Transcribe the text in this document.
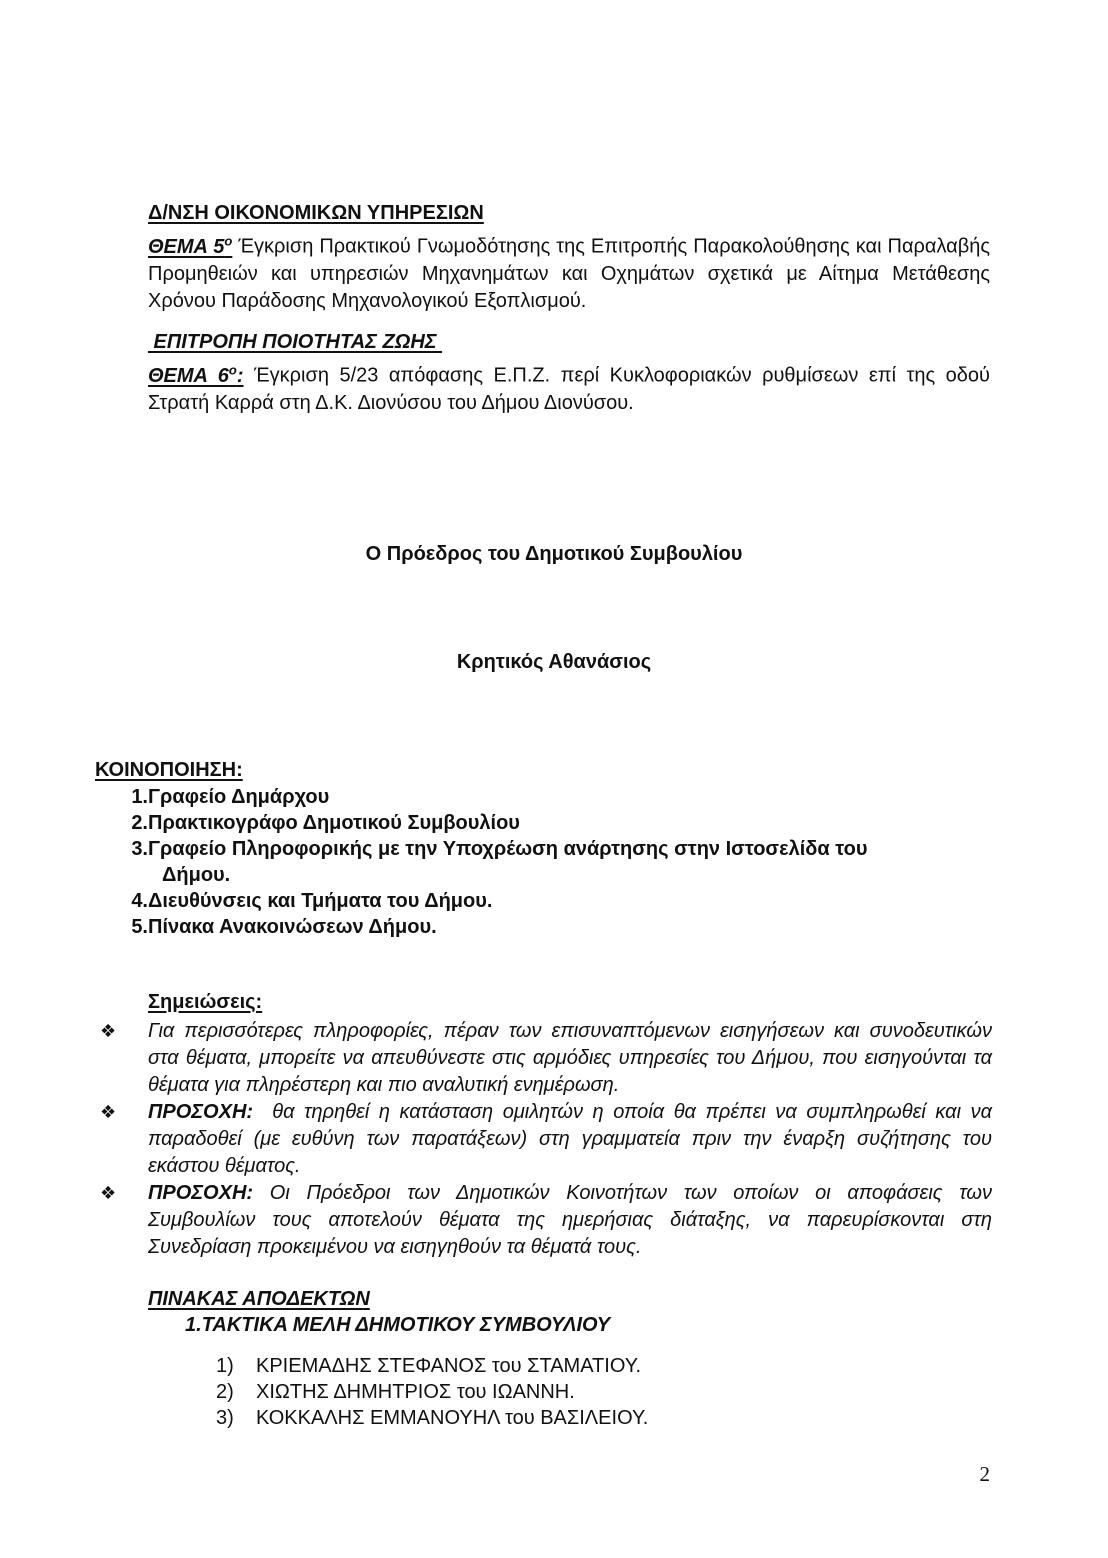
Δ/ΝΣΗ ΟΙΚΟΝΟΜΙΚΩΝ ΥΠΗΡΕΣΙΩΝ
ΘΕΜΑ $5^o$ Έγκριση Πρακτικού Γνωμοδότησης της Επιτροπής Παρακολούθησης και Παραλαβής Προμηθειών και υπηρεσιών Μηχανημάτων και Οχημάτων σχετικά με Αίτημα Μετάθεσης Χρόνου Παράδοσης Μηχανολογικού Εξοπλισμού.
ΕΠΙΤΡΟΠΗ ΠΟΙΟΤΗΤΑΣ ΖΩΗΣ
ΘΕΜΑ $6^o$: Έγκριση 5/23 απόφασης Ε.Π.Ζ. περί Κυκλοφοριακών ρυθμίσεων επί της οδού Στρατή Καρρά στη Δ.Κ. Διονύσου του Δήμου Διονύσου.
Ο Πρόεδρος του Δημοτικού Συμβουλίου
Κρητικός Αθανάσιος
ΚΟΙΝΟΠΟΙΗΣΗ:
1. Γραφείο Δημάρχου
2. Πρακτικογράφο Δημοτικού Συμβουλίου
3. Γραφείο Πληροφορικής με την Υποχρέωση ανάρτησης στην Ιστοσελίδα του
Δήμου.
4. Διευθύνσεις και Τμήματα του Δήμου.
5. Πίνακα Ανακοινώσεων Δήμου.
Σημειώσεις:
❖	Για περισσότερες πληροφορίες, πέραν των επισυναπτόμενων εισηγήσεων και συνοδευτικών στα θέματα, μπορείτε να απευθύνεστε στις αρμόδιες υπηρεσίες του Δήμου, που εισηγούνται τα θέματα για πληρέστερη και πιο αναλυτική ενημέρωση.
❖	ΠΡΟΣΟΧΗ:  θα τηρηθεί η κατάσταση ομιλητών η οποία θα πρέπει να συμπληρωθεί και να παραδοθεί (με ευθύνη των παρατάξεων) στη γραμματεία πριν την έναρξη συζήτησης του εκάστου θέματος.
❖	ΠΡΟΣΟΧΗ: Οι Πρόεδροι των Δημοτικών Κοινοτήτων των οποίων οι αποφάσεις των Συμβουλίων τους αποτελούν θέματα της ημερήσιας διάταξης, να παρευρίσκονται στη Συνεδρίαση προκειμένου να εισηγηθούν τα θέματά τους.
ΠΙΝΑΚΑΣ ΑΠΟΔΕΚΤΩΝ
1.ΤΑΚΤΙΚΑ ΜΕΛΗ ΔΗΜΟΤΙΚΟΥ ΣΥΜΒΟΥΛΙΟΥ
1)	ΚΡΙΕΜΑΔΗΣ ΣΤΕΦΑΝΟΣ του ΣΤΑΜΑΤΙΟΥ.
2)	ΧΙΩΤΗΣ ΔΗΜΗΤΡΙΟΣ του ΙΩΑΝΝΗ.
3)	ΚΟΚΚΑΛΗΣ ΕΜΜΑΝΟΥΗΛ του ΒΑΣΙΛΕΙΟΥ.
2
